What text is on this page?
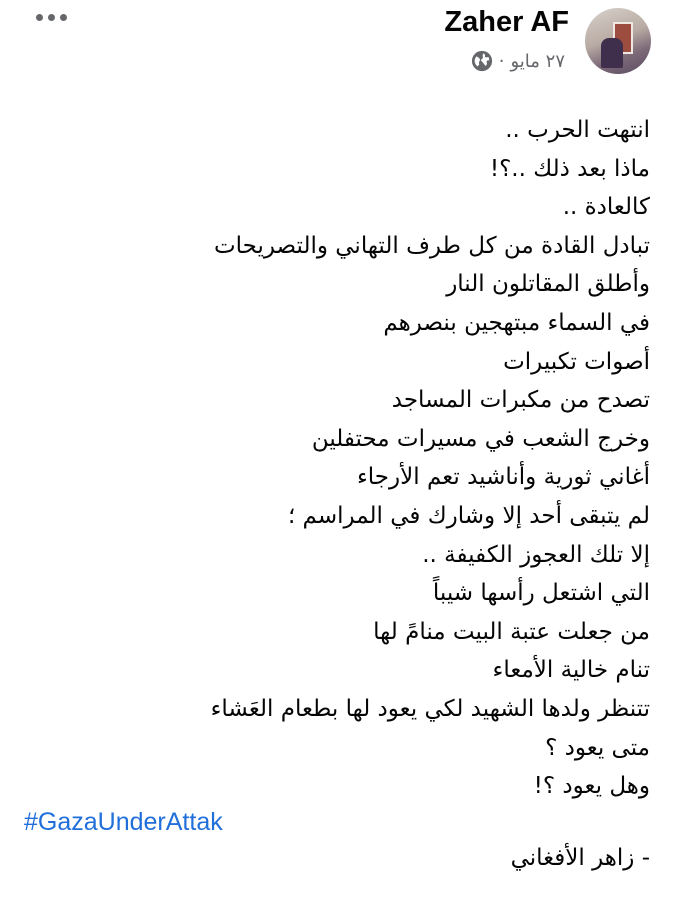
Zaher AF
٢٧ مايو
·
انتهت الحرب ..
ماذا بعد ذلك ..؟!
كالعادة ..
تبادل القادة من كل طرف التهاني والتصريحات
وأطلق المقاتلون النار
في السماء مبتهجين بنصرهم
أصوات تكبيرات
تصدح من مكبرات المساجد
وخرج الشعب في مسيرات محتفلين
أغاني ثورية وأناشيد تعم الأرجاء
لم يتبقى أحد إلا وشارك في المراسم ؛
إلا تلك العجوز الكفيفة ..
التي اشتعل رأسها شيباً
من جعلت عتبة البيت منامً لها
تنام خالية الأمعاء
تتنظر ولدها الشهيد لكي يعود لها بطعام العَشاء
متى يعود ؟
وهل يعود ؟!
#GazaUnderAttak
- زاهر الأفغاني
